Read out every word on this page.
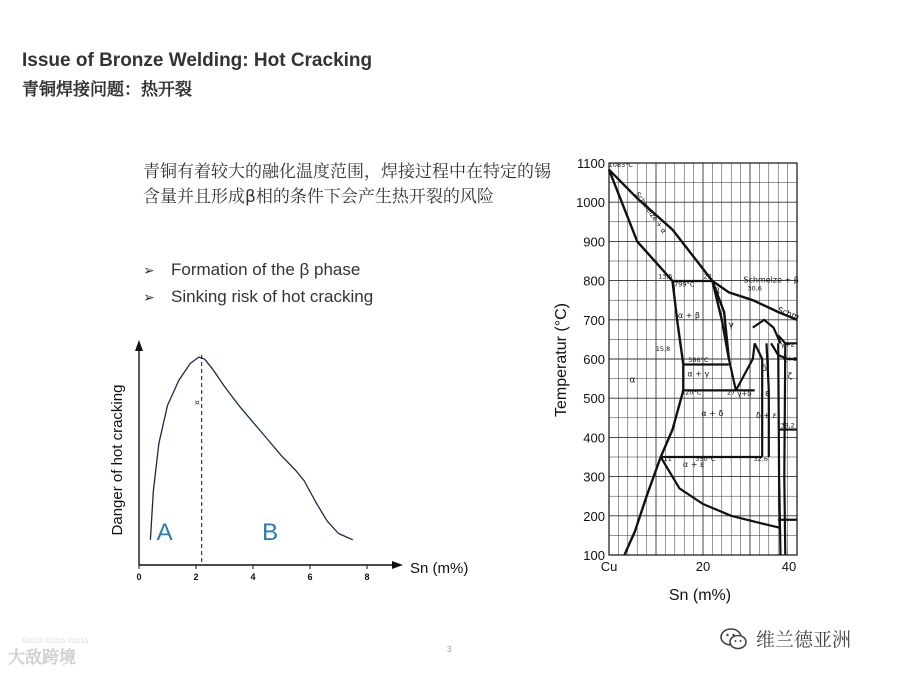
Issue of Bronze Welding: Hot Cracking
青铜焊接问题：热开裂
青铜有着较大的融化温度范围，焊接过程中在特定的锡含量并且形成β相的条件下会产生热开裂的风险
➢ Formation of the β phase
➢ Sinking risk of hot cracking
0	2	4	6	8	Sn (m%)
Danger of hot cracking	¤
A	B
100
200
300
400
500
600
700
800
900
1000
1100
Cu	20	40
Sn (m%)
Temperatur (°C)	α
α + β
β
γ
α + γ
γ+δ
δ
α + δ	δ + ε
α + ε
Schmelze + α
Schmelze + β
Schm
γ+ε
ζ+ε
ε
ζ
1083°C
13,5	22
30,6
799°C
586°C
15,8
27
520°C
350°C
11	32,6
38,2
3
©2015 ©2015 ©2015
大敌跨境
维兰德亚洲
